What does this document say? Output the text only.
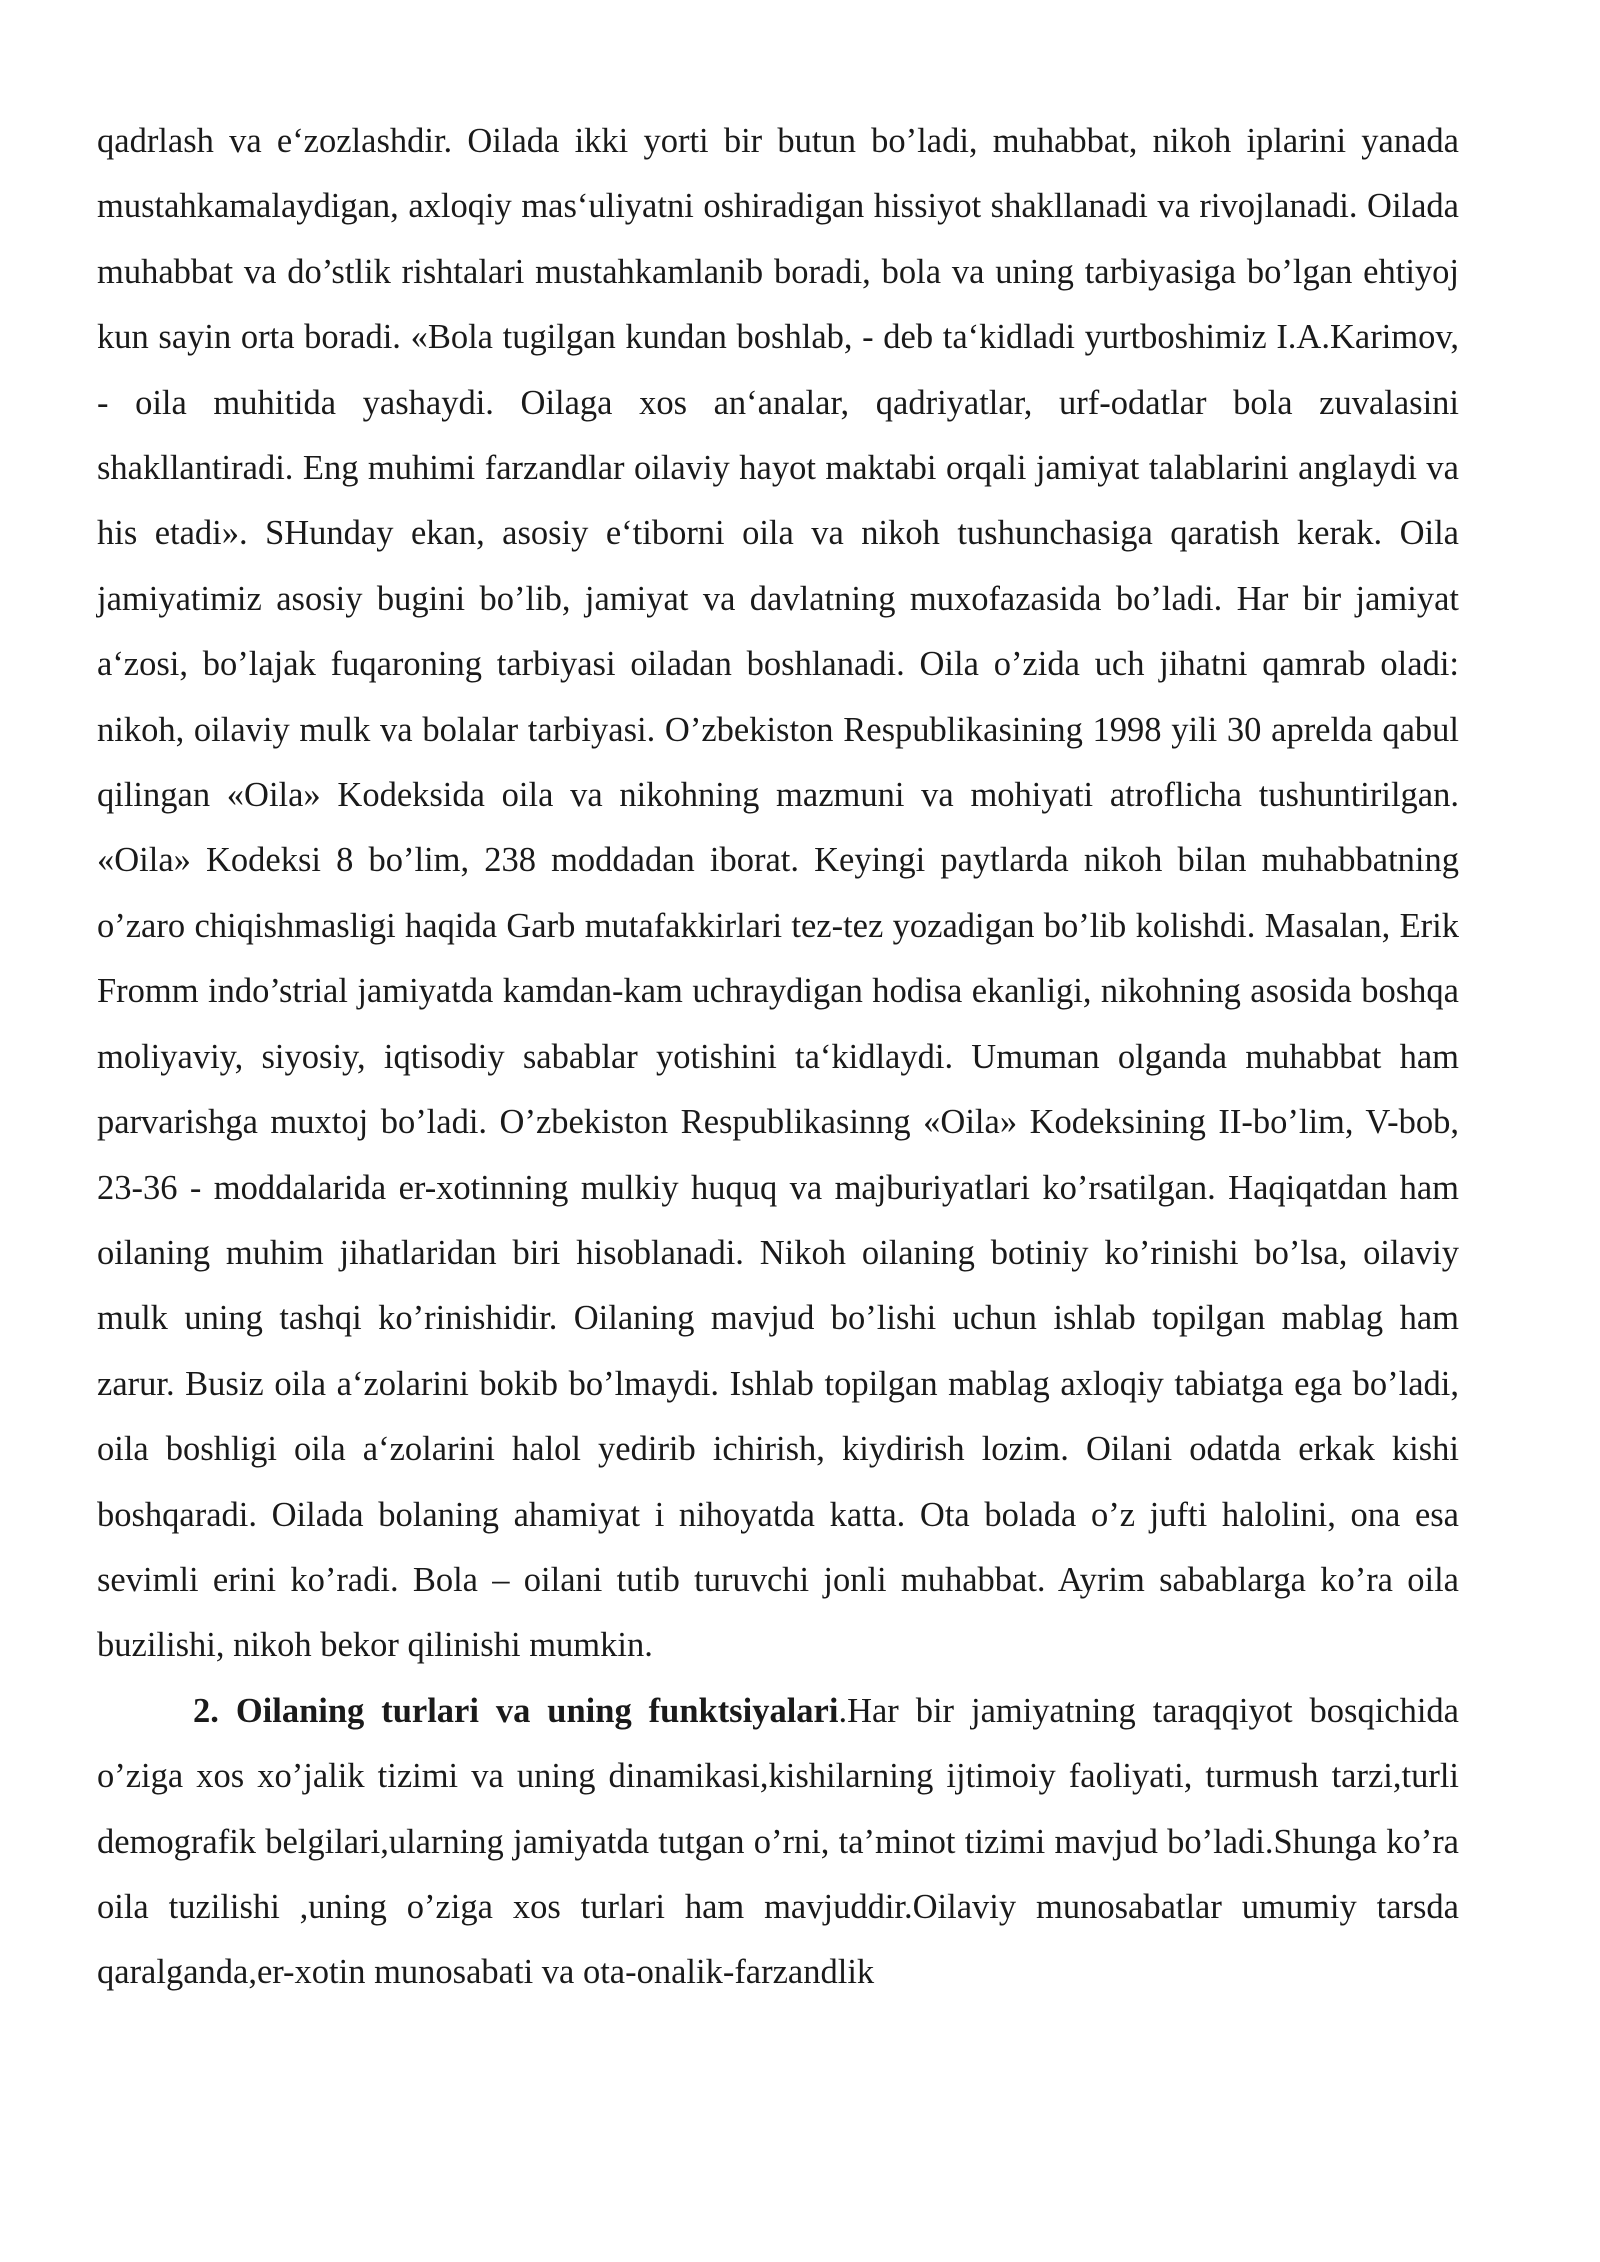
qadrlash va e‘zozlashdir. Oilada ikki yorti bir butun bo’ladi, muhabbat, nikoh iplarini yanada mustahkamalaydigan, axloqiy mas‘uliyatni oshiradigan hissiyot shakllanadi va rivojlanadi. Oilada muhabbat va do’stlik rishtalari mustahkamlanib boradi, bola va uning tarbiyasiga bo’lgan ehtiyoj kun sayin orta boradi. «Bola tugilgan kundan boshlab, - deb ta‘kidladi yurtboshimiz I.A.Karimov, - oila muhitida yashaydi. Oilaga xos an‘analar, qadriyatlar, urf-odatlar bola zuvalasini shakllantiradi. Eng muhimi farzandlar oilaviy hayot maktabi orqali jamiyat talablarini anglaydi va his etadi». SHunday ekan, asosiy e‘tiborni oila va nikoh tushunchasiga qaratish kerak. Oila jamiyatimiz asosiy bugini bo’lib, jamiyat va davlatning muxofazasida bo’ladi. Har bir jamiyat a‘zosi, bo’lajak fuqaroning tarbiyasi oiladan boshlanadi. Oila o’zida uch jihatni qamrab oladi: nikoh, oilaviy mulk va bolalar tarbiyasi. O’zbekiston Respublikasining 1998 yili 30 aprelda qabul qilingan «Oila» Kodeksida oila va nikohning mazmuni va mohiyati atroflicha tushuntirilgan. «Oila» Kodeksi 8 bo’lim, 238 moddadan iborat. Keyingi paytlarda nikoh bilan muhabbatning o’zaro chiqishmasligi haqida Garb mutafakkirlari tez-tez yozadigan bo’lib kolishdi. Masalan, Erik Fromm indo’strial jamiyatda kamdan-kam uchraydigan hodisa ekanligi, nikohning asosida boshqa moliyaviy, siyosiy, iqtisodiy sabablar yotishini ta‘kidlaydi. Umuman olganda muhabbat ham parvarishga muxtoj bo’ladi. O’zbekiston Respublikasinng «Oila» Kodeksining II-bo’lim, V-bob, 23-36 - moddalarida er-xotinning mulkiy huquq va majburiyatlari ko’rsatilgan. Haqiqatdan ham oilaning muhim jihatlaridan biri hisoblanadi. Nikoh oilaning botiniy ko’rinishi bo’lsa, oilaviy mulk uning tashqi ko’rinishidir. Oilaning mavjud bo’lishi uchun ishlab topilgan mablag ham zarur. Busiz oila a‘zolarini bokib bo’lmaydi. Ishlab topilgan mablag axloqiy tabiatga ega bo’ladi, oila boshligi oila a‘zolarini halol yedirib ichirish, kiydirish lozim. Oilani odatda erkak kishi boshqaradi. Oilada bolaning ahamiyat i nihoyatda katta. Ota bolada o’z jufti halolini, ona esa sevimli erini ko’radi. Bola – oilani tutib turuvchi jonli muhabbat. Ayrim sabablarga ko’ra oila buzilishi, nikoh bekor qilinishi mumkin.

2. Oilaning turlari va uning funktsiyalari.Har bir jamiyatning taraqqiyot bosqichida o’ziga xos xo’jalik tizimi va uning dinamikasi,kishilarning ijtimoiy faoliyati, turmush tarzi,turli demografik belgilari,ularning jamiyatda tutgan o’rni, ta’minot tizimi mavjud bo’ladi.Shunga ko’ra oila tuzilishi ,uning o’ziga xos turlari ham mavjuddir.Oilaviy munosabatlar umumiy tarsda qaralganda,er-xotin munosabati va ota-onalik-farzandlik
